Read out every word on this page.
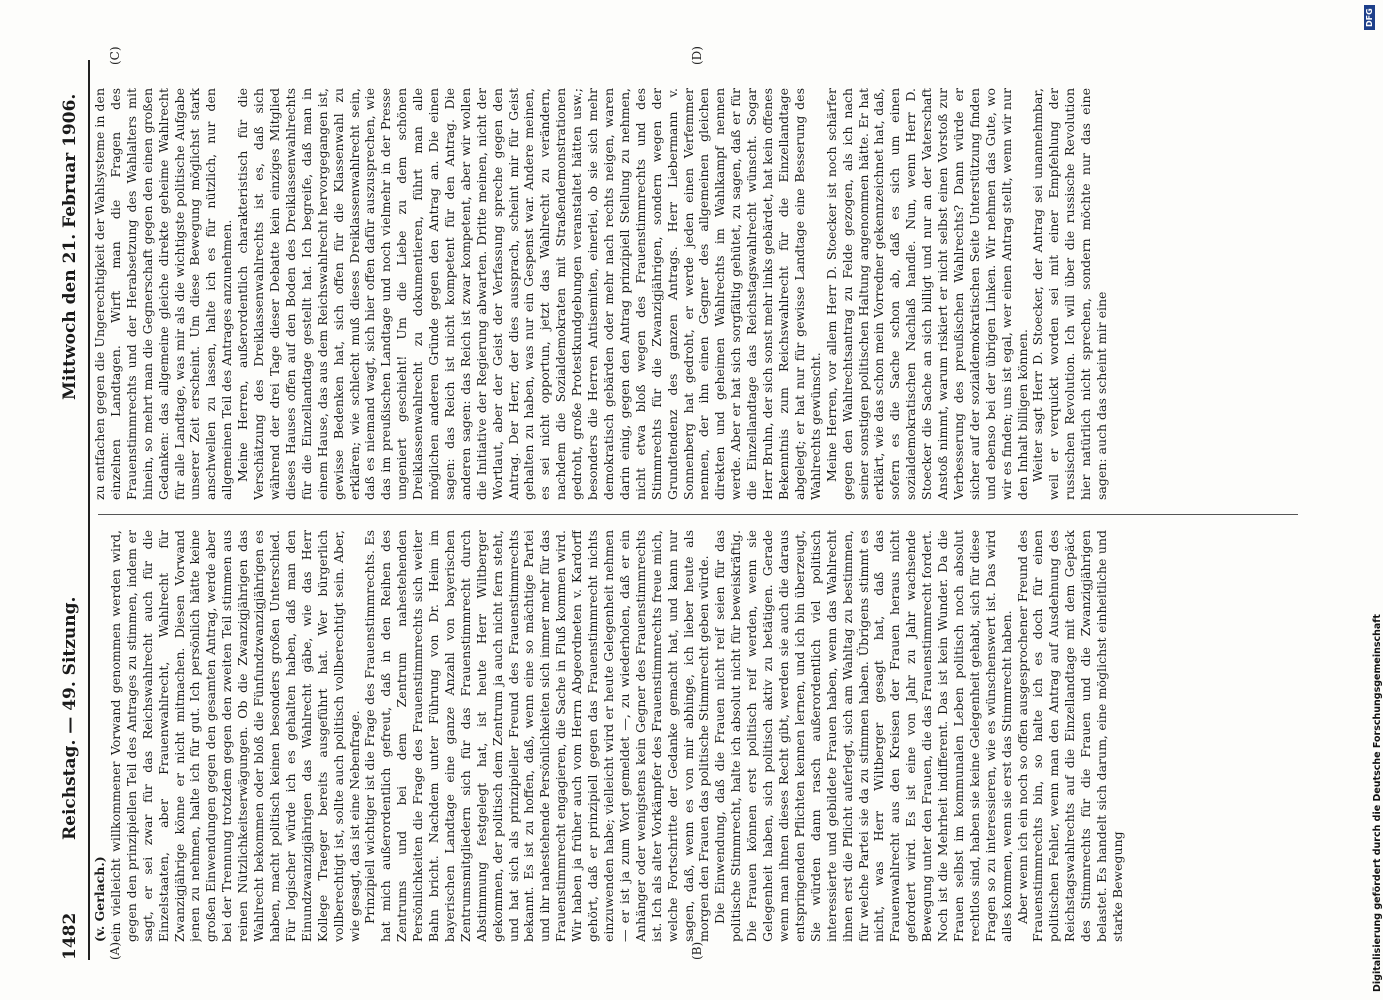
1482
Reichstag. — 49. Sitzung.
Mittwoch den 21. Februar 1906.
(A)	(B)
(C)	(D)

(v. Gerlach.) ein vielleicht willkommener Vorwand genommen werden wird, gegen den prinzipiellen Teil des Antrages zu stimmen, indem er sagt, er sei zwar für das Reichswahlrecht auch für die Einzelstaaten, aber Frauenwahlrecht, Wahlrecht für Zwanzigjährige könne er nicht mitmachen. Diesen Vorwand jenen zu nehmen, halte ich für gut. Ich persönlich hätte keine großen Einwendungen gegen den gesamten Antrag, werde aber bei der Trennung trotzdem gegen den zweiten Teil stimmen aus reinen Nützlichkeitserwägungen. Ob die Zwanzigjährigen das Wahlrecht bekommen oder bloß die Fünfundzwanzigjährigen es haben, macht politisch keinen besonders großen Unterschied. Für logischer würde ich es gehalten haben, daß man den Einundzwanzigjährigen das Wahlrecht gäbe, wie das Herr Kollege Traeger bereits ausgeführt hat. Wer bürgerlich vollberechtigt ist, sollte auch politisch vollberechtigt sein. Aber, wie gesagt, das ist eine Nebenfrage. Prinzipiell wichtiger ist die Frage des Frauenstimmrechts. Es hat mich außerordentlich gefreut, daß in den Reihen des Zentrums und bei dem Zentrum nahestehenden Persönlichkeiten die Frage des Frauenstimmrechts sich weiter Bahn bricht. Nachdem unter Führung von Dr. Heim im bayerischen Landtage eine ganze Anzahl von bayerischen Zentrumsmitgliedern sich für das Frauenstimmrecht durch Abstimmung festgelegt hat, ist heute Herr Wiltberger gekommen, der politisch dem Zentrum ja auch nicht fern steht, und hat sich als prinzipieller Freund des Frauenstimmrechts bekannt. Es ist zu hoffen, daß, wenn eine so mächtige Partei und ihr nahestehende Persönlichkeiten sich immer mehr für das Frauenstimmrecht engagieren, die Sache in Fluß kommen wird. Wir haben ja früher auch vom Herrn Abgeordneten v. Kardorff gehört, daß er prinzipiell gegen das Frauenstimmrecht nichts einzuwenden habe; vielleicht wird er heute Gelegenheit nehmen — er ist ja zum Wort gemeldet —, zu wiederholen, daß er ein Anhänger oder wenigstens kein Gegner des Frauenstimmrechts ist. Ich als alter Vorkämpfer des Frauenstimmrechts freue mich, welche Fortschritte der Gedanke gemacht hat, und kann nur sagen, daß, wenn es von mir abhinge, ich lieber heute als morgen den Frauen das politische Stimmrecht geben würde. Die Einwendung, daß die Frauen nicht reif seien für das politische Stimmrecht, halte ich absolut nicht für beweiskräftig. Die Frauen können erst politisch reif werden, wenn sie Gelegenheit haben, sich politisch aktiv zu betätigen. Gerade wenn man ihnen dieses Recht gibt, werden sie auch die daraus entspringenden Pflichten kennen lernen, und ich bin überzeugt, Sie würden dann rasch außerordentlich viel politisch interessierte und gebildete Frauen haben, wenn das Wahlrecht ihnen erst die Pflicht auferlegt, sich am Wahltag zu bestimmen, für welche Partei sie da zu stimmen haben. Übrigens stimmt es nicht, was Herr Wiltberger gesagt hat, daß das Frauenwahlrecht aus den Kreisen der Frauen heraus nicht gefordert wird. Es ist eine von Jahr zu Jahr wachsende Bewegung unter den Frauen, die das Frauenstimmrecht fordert. Noch ist die Mehrheit indifferent. Das ist kein Wunder. Da die Frauen selbst im kommunalen Leben politisch noch absolut rechtlos sind, haben sie keine Gelegenheit gehabt, sich für diese Fragen so zu interessieren, wie es wünschenswert ist. Das wird alles kommen, wenn sie erst das Stimmrecht haben. Aber wenn ich ein noch so offen ausgesprochener Freund des Frauenstimmrechts bin, so halte ich es doch für einen politischen Fehler, wenn man den Antrag auf Ausdehnung des Reichstagswahlrechts auf die Einzellandtage mit dem Gepäck des Stimmrechts für die Frauen und die Zwanzigjährigen belastet. Es handelt sich darum, eine möglichst einheitliche und starke Bewegung

zu entfachen gegen die Ungerechtigkeit der Wahlsysteme in den einzelnen Landtagen. Wirft man die Fragen des Frauenstimmrechts und der Herabsetzung des Wahlalters mit hinein, so mehrt man die Gegnerschaft gegen den einen großen Gedanken: das allgemeine gleiche direkte geheime Wahlrecht für alle Landtage, was mir als die wichtigste politische Aufgabe unserer Zeit erscheint. Um diese Bewegung möglichst stark anschwellen zu lassen, halte ich es für nützlich, nur den allgemeinen Teil des Antrages anzunehmen. Meine Herren, außerordentlich charakteristisch für die Verschätzung des Dreiklassenwahlrechts ist es, daß sich während der drei Tage dieser Debatte kein einziges Mitglied dieses Hauses offen auf den Boden des Dreiklassenwahlrechts für die Einzellandtage gestellt hat. Ich begreife, daß man in einem Hause, das aus dem Reichswahlrecht hervorgegangen ist, gewisse Bedenken hat, sich offen für die Klassenwahl zu erklären; wie schlecht muß dieses Dreiklassenwahlrecht sein, daß es niemand wagt, sich hier offen dafür auszusprechen, wie das im preußischen Landtage und noch vielmehr in der Presse ungeniert geschieht! Um die Liebe zu dem schönen Dreiklassenwahlrecht zu dokumentieren, führt man alle möglichen anderen Gründe gegen den Antrag an. Die einen sagen: das Reich ist nicht kompetent für den Antrag. Die anderen sagen: das Reich ist zwar kompetent, aber wir wollen die Initiative der Regierung abwarten. Dritte meinen, nicht der Wortlaut, aber der Geist der Verfassung spreche gegen den Antrag. Der Herr, der dies aussprach, scheint mir für Geist gehalten zu haben, was nur ein Gespenst war. Andere meinen, es sei nicht opportun, jetzt das Wahlrecht zu verändern, nachdem die Sozialdemokraten mit Straßendemonstrationen gedroht, große Protestkundgebungen veranstaltet hätten usw.; besonders die Herren Antisemiten, einerlei, ob sie sich mehr demokratisch gebärden oder mehr nach rechts neigen, waren darin einig, gegen den Antrag prinzipiell Stellung zu nehmen, nicht etwa bloß wegen des Frauenstimmrechts und des Stimmrechts für die Zwanzigjährigen, sondern wegen der Grundtendenz des ganzen Antrags. Herr Liebermann v. Sonnenberg hat gedroht, er werde jeden einen Verfemmer nennen, der ihn einen Gegner des allgemeinen gleichen direkten und geheimen Wahlrechts im Wahlkampf nennen werde. Aber er hat sich sorgfältig gehütet, zu sagen, daß er für die Einzellandtage das Reichstagswahlrecht wünscht. Sogar Herr Bruhn, der sich sonst mehr links gebärdet, hat kein offenes Bekenntnis zum Reichswahlrecht für die Einzellandtage abgelegt; er hat nur für gewisse Landtage eine Besserung des Wahlrechts gewünscht. Meine Herren, vor allem Herr D. Stoecker ist noch schärfer gegen den Wahlrechtsantrag zu Felde gezogen, als ich nach seiner sonstigen politischen Haltung angenommen hätte. Er hat erklärt, wie das schon mein Vorredner gekennzeichnet hat, daß, sofern es die Sache schon ab, daß es sich um einen sozialdemokratischen Nachlaß handle. Nun, wenn Herr D. Stoecker die Sache an sich billigt und nur an der Vaterschaft Anstoß nimmt, warum riskiert er nicht selbst einen Vorstoß zur Verbesserung des preußischen Wahlrechts? Dann würde er sicher auf der sozialdemokratischen Seite Unterstützung finden und ebenso bei der übrigen Linken. Wir nehmen das Gute, wo wir es finden; uns ist egal, wer einen Antrag stellt, wenn wir nur den Inhalt billigen können. Weiter sagt Herr D. Stoecker, der Antrag sei unannehmbar, weil er verquickt worden sei mit einer Empfehlung der russischen Revolution. Ich will über die russische Revolution hier natürlich nicht sprechen, sondern möchte nur das eine sagen: auch das scheint mir eine

Digitalisierung gefördert durch die Deutsche Forschungsgemeinschaft
DFG
